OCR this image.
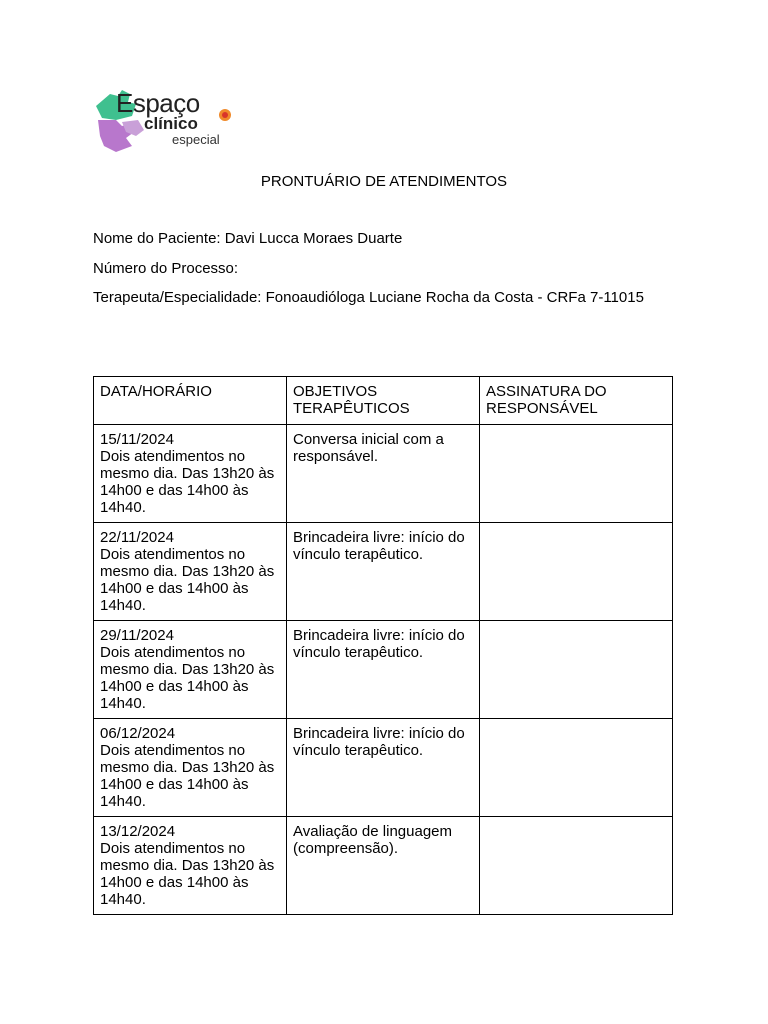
Espaço
clínico
especial
PRONTUÁRIO DE ATENDIMENTOS
Nome do Paciente: Davi Lucca Moraes Duarte
Número do Processo:
Terapeuta/Especialidade: Fonoaudióloga Luciane Rocha da Costa - CRFa 7-11015
DATA/HORÁRIO	OBJETIVOS TERAPÊUTICOS	ASSINATURA DO RESPONSÁVEL

15/11/2024
Dois atendimentos no mesmo dia. Das 13h20 às 14h00 e das 14h00 às 14h40.	Conversa inicial com a responsável.	

22/11/2024
Dois atendimentos no mesmo dia. Das 13h20 às 14h00 e das 14h00 às 14h40.	Brincadeira livre: início do vínculo terapêutico.	

29/11/2024
Dois atendimentos no mesmo dia. Das 13h20 às 14h00 e das 14h00 às 14h40.	Brincadeira livre: início do vínculo terapêutico.	

06/12/2024
Dois atendimentos no mesmo dia. Das 13h20 às 14h00 e das 14h00 às 14h40.	Brincadeira livre: início do vínculo terapêutico.	

13/12/2024
Dois atendimentos no mesmo dia. Das 13h20 às 14h00 e das 14h00 às 14h40.	Avaliação de linguagem (compreensão).	
